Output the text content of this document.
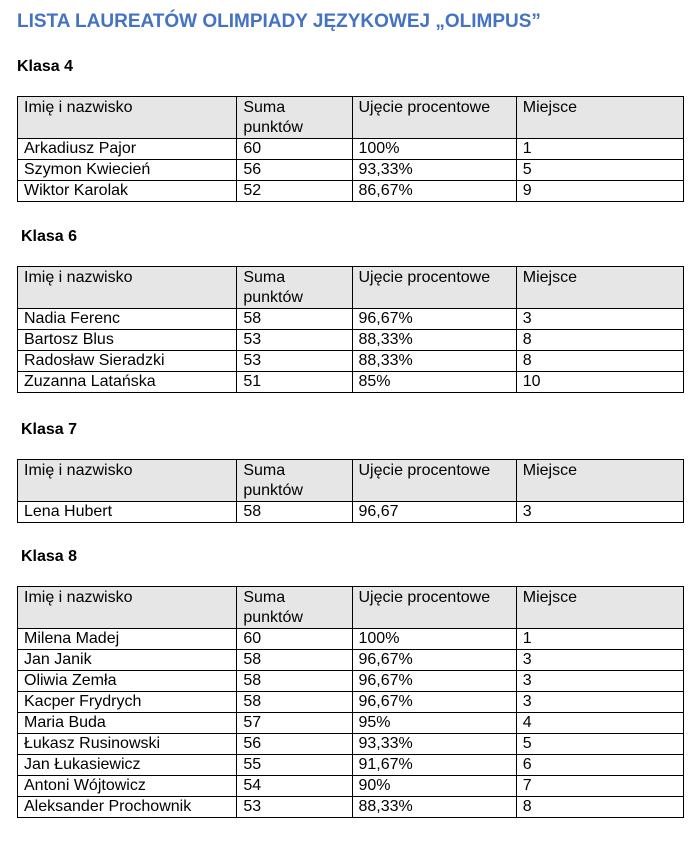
LISTA LAUREATÓW OLIMPIADY JĘZYKOWEJ „OLIMPUS”
Klasa 4
Imię i nazwisko	Suma punktów	Ujęcie procentowe	Miejsce
Arkadiusz Pajor	60	100%	1
Szymon Kwiecień	56	93,33%	5
Wiktor Karolak	52	86,67%	9
Klasa 6
Imię i nazwisko	Suma punktów	Ujęcie procentowe	Miejsce
Nadia Ferenc	58	96,67%	3
Bartosz Blus	53	88,33%	8
Radosław Sieradzki	53	88,33%	8
Zuzanna Latańska	51	85%	10
Klasa 7
Imię i nazwisko	Suma punktów	Ujęcie procentowe	Miejsce
Lena Hubert	58	96,67	3
Klasa 8
Imię i nazwisko	Suma punktów	Ujęcie procentowe	Miejsce
Milena Madej	60	100%	1
Jan Janik	58	96,67%	3
Oliwia Zemła	58	96,67%	3
Kacper Frydrych	58	96,67%	3
Maria Buda	57	95%	4
Łukasz Rusinowski	56	93,33%	5
Jan Łukasiewicz	55	91,67%	6
Antoni Wójtowicz	54	90%	7
Aleksander Prochownik	53	88,33%	8
